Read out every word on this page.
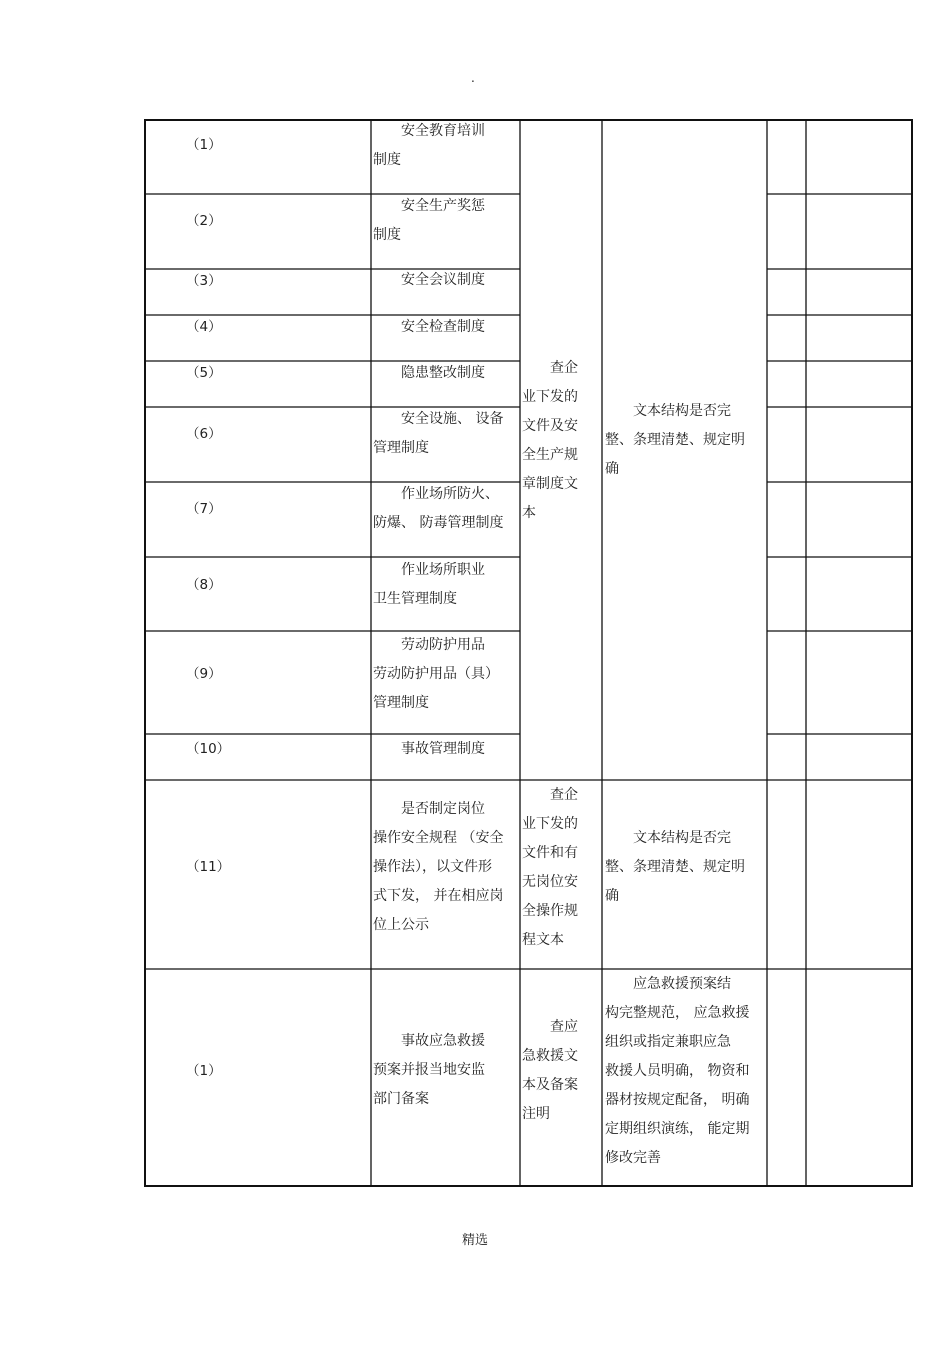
.
（1）
（2）
（3）
（4）
（5）
（6）
（7）
（8）
（9）
（10）
（11）
（1）
　　安全教育培训
制度
　　安全生产奖惩
制度
　　安全会议制度
　　安全检查制度
　　隐患整改制度
　　安全设施、 设备
管理制度
　　作业场所防火、
防爆、 防毒管理制度
　　作业场所职业
卫生管理制度
　　劳动防护用品
劳动防护用品（具）
管理制度
　　事故管理制度
　　是否制定岗位
操作安全规程 （安全
操作法），以文件形
式下发， 并在相应岗
位上公示
　　事故应急救援
预案并报当地安监
部门备案
　　查企
业下发的
文件及安
全生产规
章制度文
本
　　查企
业下发的
文件和有
无岗位安
全操作规
程文本
　　查应
急救援文
本及备案
注明
　　文本结构是否完
整、条理清楚、规定明
确
　　文本结构是否完
整、条理清楚、规定明
确
　　应急救援预案结
构完整规范， 应急救援
组织或指定兼职应急
救援人员明确， 物资和
器材按规定配备， 明确
定期组织演练， 能定期
修改完善
精选
